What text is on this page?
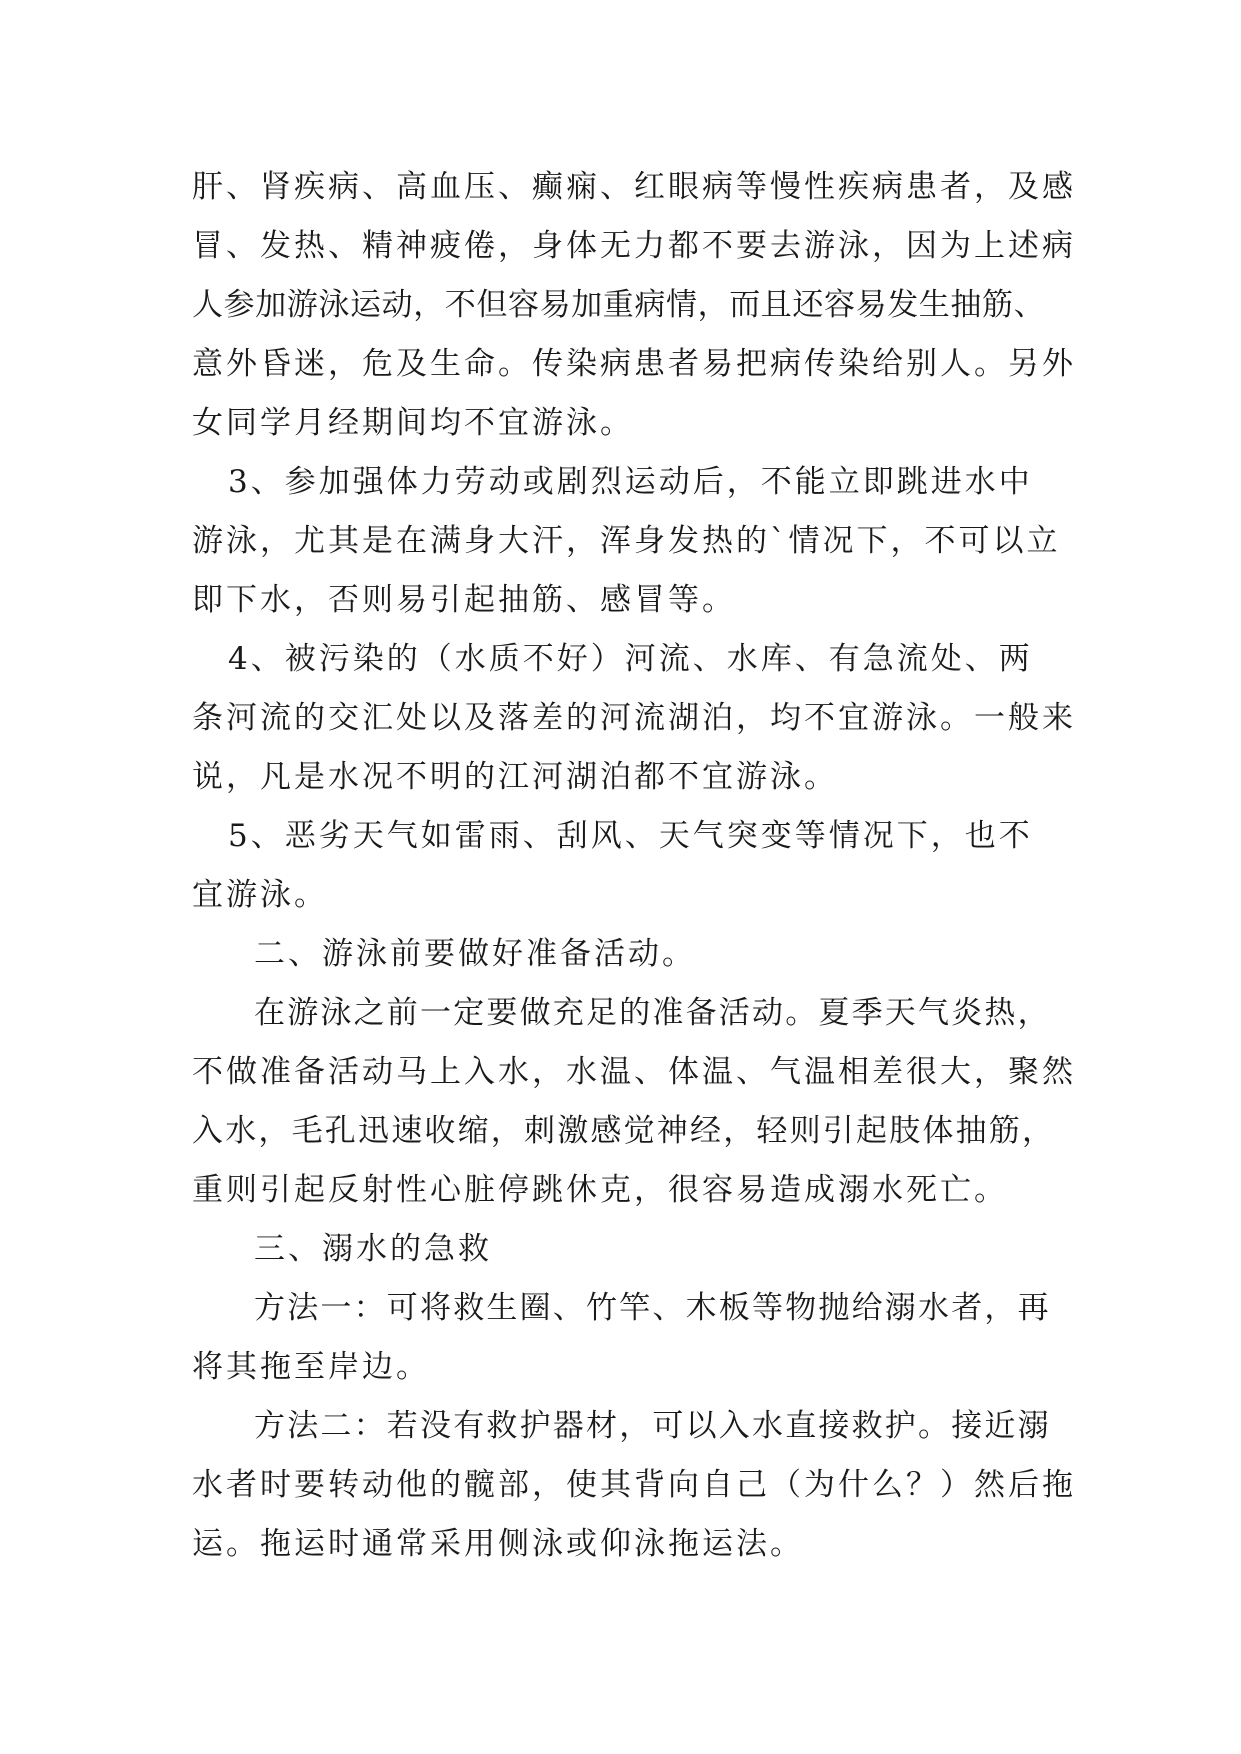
肝、肾疾病、高血压、癫痫、红眼病等慢性疾病患者，及感
冒、发热、精神疲倦，身体无力都不要去游泳，因为上述病
人参加游泳运动，不但容易加重病情，而且还容易发生抽筋、
意外昏迷，危及生命。传染病患者易把病传染给别人。另外
女同学月经期间均不宜游泳。
3、参加强体力劳动或剧烈运动后，不能立即跳进水中
游泳，尤其是在满身大汗，浑身发热的`情况下，不可以立
即下水，否则易引起抽筋、感冒等。
4、被污染的（水质不好）河流、水库、有急流处、两
条河流的交汇处以及落差的河流湖泊，均不宜游泳。一般来
说，凡是水况不明的江河湖泊都不宜游泳。
5、恶劣天气如雷雨、刮风、天气突变等情况下，也不
宜游泳。
二、游泳前要做好准备活动。
在游泳之前一定要做充足的准备活动。夏季天气炎热，
不做准备活动马上入水，水温、体温、气温相差很大，聚然
入水，毛孔迅速收缩，刺激感觉神经，轻则引起肢体抽筋，
重则引起反射性心脏停跳休克，很容易造成溺水死亡。
三、溺水的急救
方法一：可将救生圈、竹竿、木板等物抛给溺水者，再
将其拖至岸边。
方法二：若没有救护器材，可以入水直接救护。接近溺
水者时要转动他的髋部，使其背向自己（为什么？）然后拖
运。拖运时通常采用侧泳或仰泳拖运法。
